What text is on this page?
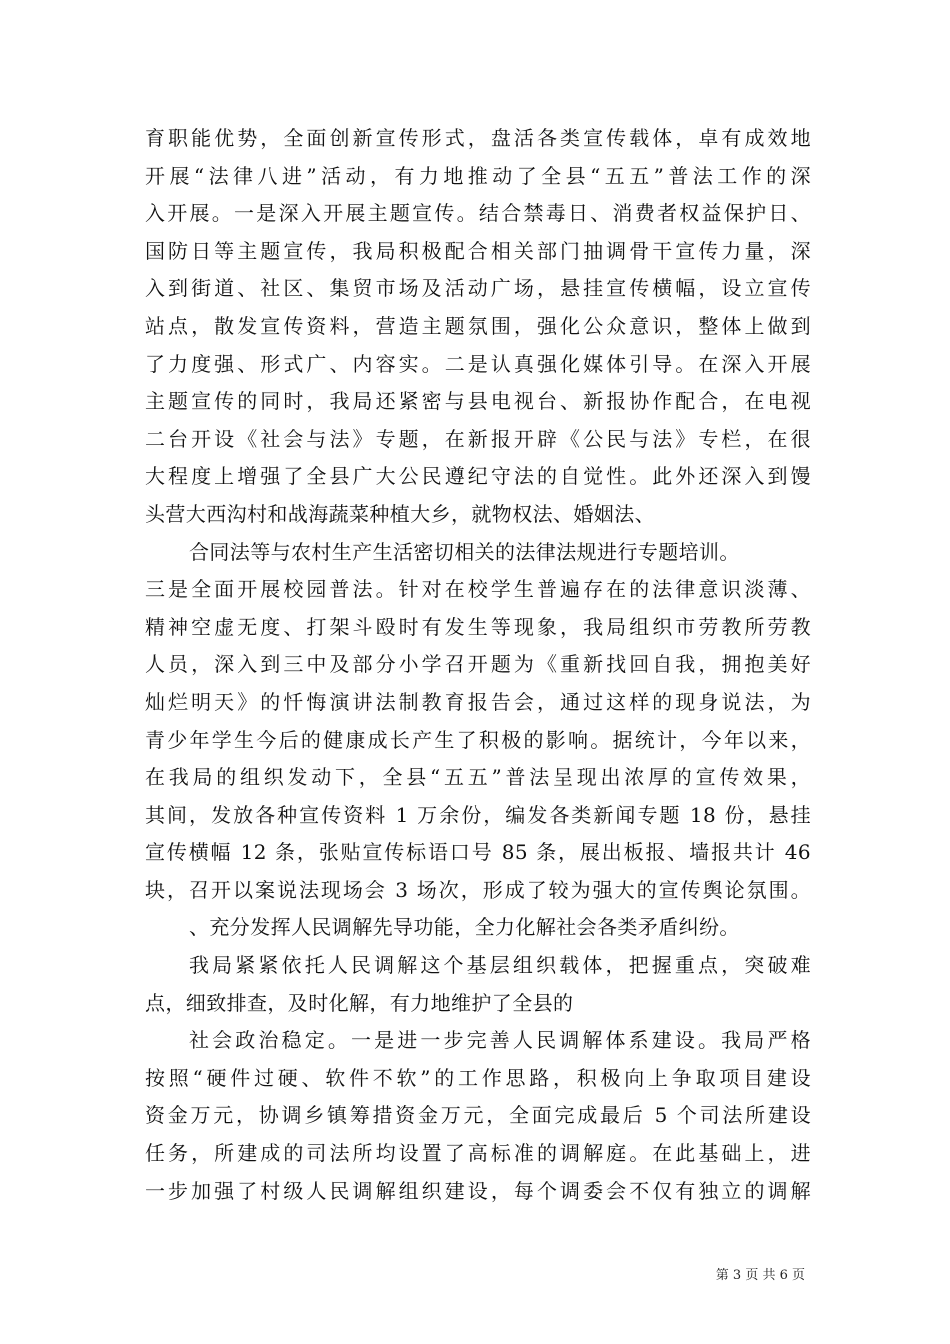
育职能优势，全面创新宣传形式，盘活各类宣传载体，卓有成效地
开展“法律八进”活动，有力地推动了全县“五五”普法工作的深
入开展。一是深入开展主题宣传。结合禁毒日、消费者权益保护日、
国防日等主题宣传，我局积极配合相关部门抽调骨干宣传力量，深
入到街道、社区、集贸市场及活动广场，悬挂宣传横幅，设立宣传
站点，散发宣传资料，营造主题氛围，强化公众意识，整体上做到
了力度强、形式广、内容实。二是认真强化媒体引导。在深入开展
主题宣传的同时，我局还紧密与县电视台、新报协作配合，在电视
二台开设《社会与法》专题，在新报开辟《公民与法》专栏，在很
大程度上增强了全县广大公民遵纪守法的自觉性。此外还深入到馒
头营大西沟村和战海蔬菜种植大乡，就物权法、婚姻法、
合同法等与农村生产生活密切相关的法律法规进行专题培训。
三是全面开展校园普法。针对在校学生普遍存在的法律意识淡薄、
精神空虚无度、打架斗殴时有发生等现象，我局组织市劳教所劳教
人员，深入到三中及部分小学召开题为《重新找回自我，拥抱美好
灿烂明天》的忏悔演讲法制教育报告会，通过这样的现身说法，为
青少年学生今后的健康成长产生了积极的影响。据统计，今年以来，
在我局的组织发动下，全县“五五”普法呈现出浓厚的宣传效果，
其间，发放各种宣传资料 1 万余份，编发各类新闻专题 18 份，悬挂
宣传横幅 12 条，张贴宣传标语口号 85 条，展出板报、墙报共计 46
块，召开以案说法现场会 3 场次，形成了较为强大的宣传舆论氛围。
、充分发挥人民调解先导功能，全力化解社会各类矛盾纠纷。
我局紧紧依托人民调解这个基层组织载体，把握重点，突破难
点，细致排查，及时化解，有力地维护了全县的
社会政治稳定。一是进一步完善人民调解体系建设。我局严格
按照“硬件过硬、软件不软”的工作思路，积极向上争取项目建设
资金万元，协调乡镇筹措资金万元，全面完成最后 5 个司法所建设
任务，所建成的司法所均设置了高标准的调解庭。在此基础上，进
一步加强了村级人民调解组织建设，每个调委会不仅有独立的调解
第 3 页 共 6 页
